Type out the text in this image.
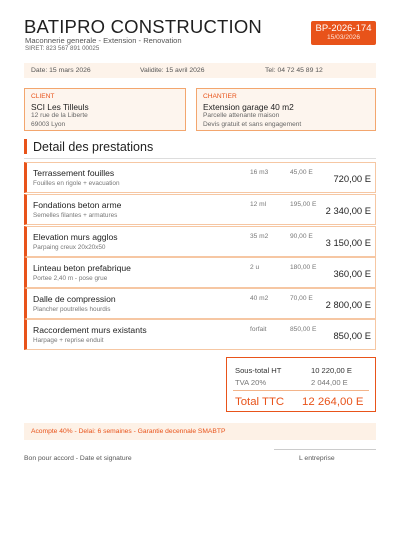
BATIPRO CONSTRUCTION
Maconnerie generale - Extension - Renovation
SIRET: 823 567 891 00025
BP-2026-174
15/03/2026
Date: 15 mars 2026	Validite: 15 avril 2026	Tel: 04 72 45 89 12
CLIENT
SCI Les Tilleuls
12 rue de la Liberte
69003 Lyon
CHANTIER
Extension garage 40 m2
Parcelle attenante maison
Devis gratuit et sans engagement
Detail des prestations
Terrassement fouilles
Fouilles en rigole + evacuation
16 m3	45,00 E
720,00 E
Fondations beton arme
Semelles filantes + armatures
12 ml	195,00 E
2 340,00 E
Elevation murs agglos
Parpaing creux 20x20x50
35 m2	90,00 E
3 150,00 E
Linteau beton prefabrique
Portee 2,40 m - pose grue
2 u	180,00 E
360,00 E
Dalle de compression
Plancher poutrelles hourdis
40 m2	70,00 E
2 800,00 E
Raccordement murs existants
Harpage + reprise enduit
forfait	850,00 E
850,00 E
Sous-total HT	10 220,00 E
TVA 20%	2 044,00 E
Total TTC 12 264,00 E
Acompte 40% - Delai: 6 semaines - Garantie decennale SMABTP
Bon pour accord - Date et signature	L entreprise
